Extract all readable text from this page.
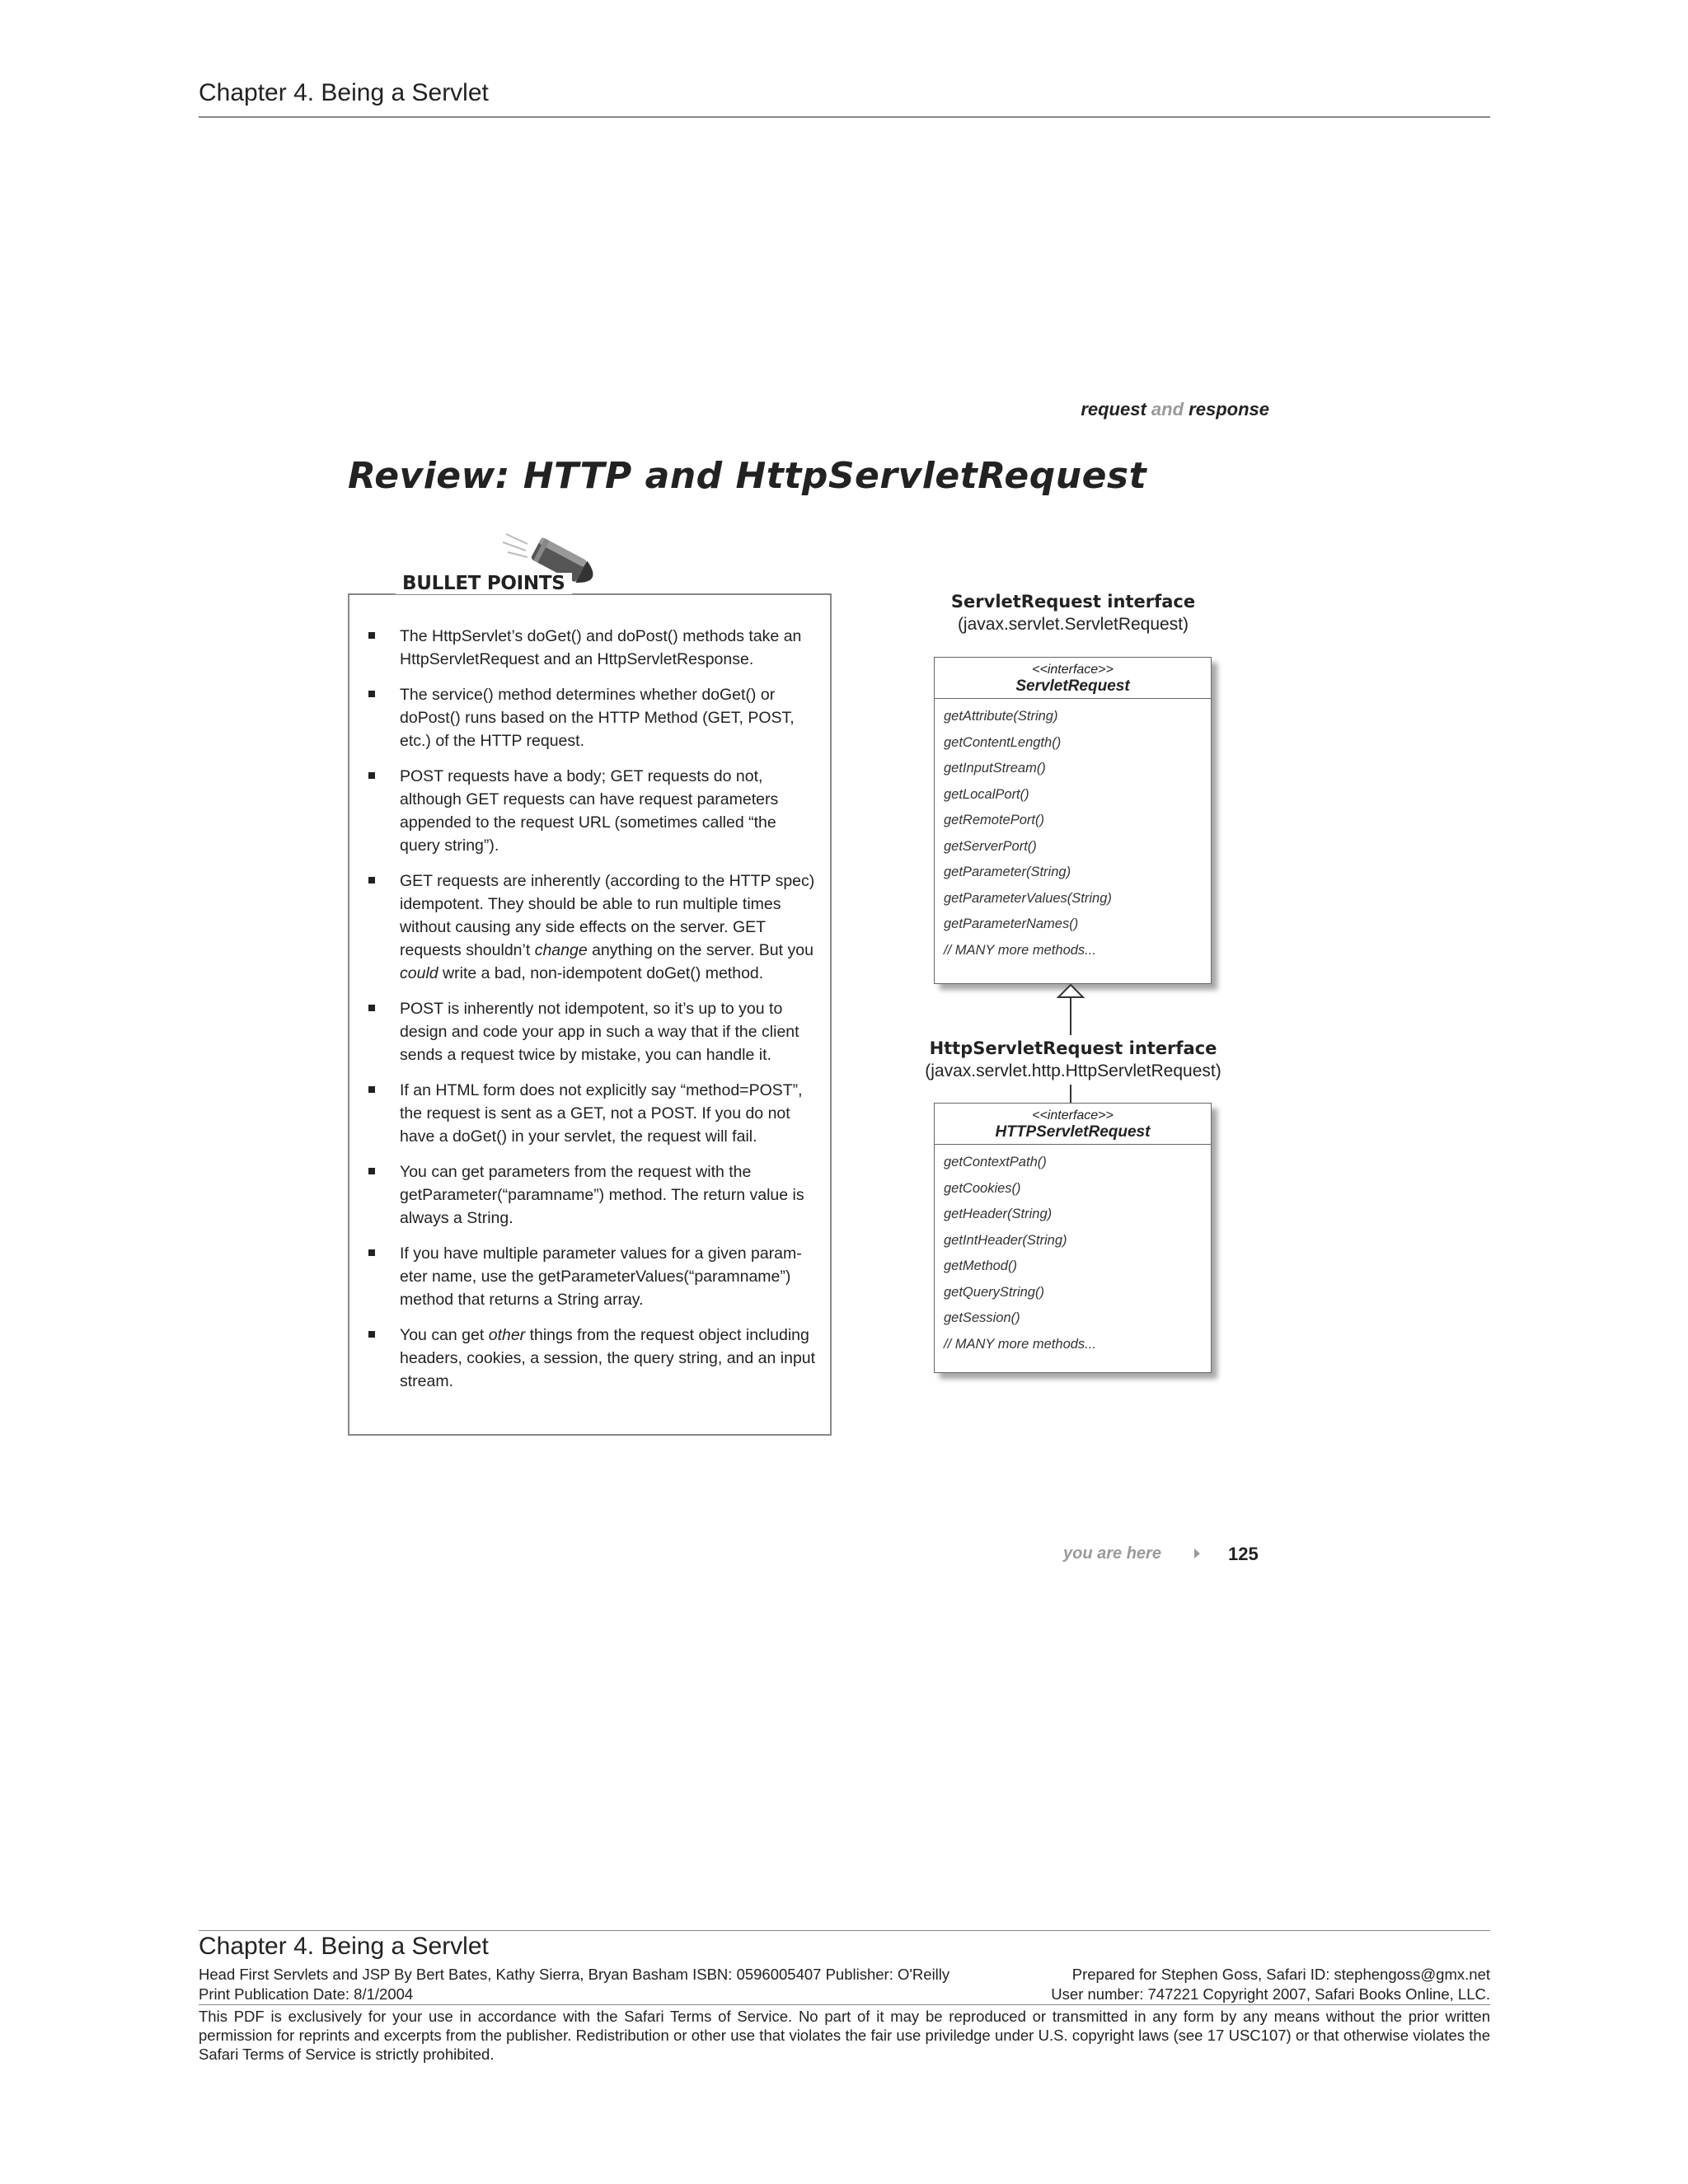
Chapter 4. Being a Servlet
request and response
Review: HTTP and HttpServletRequest
BULLET POINTS
The HttpServlet’s doGet() and doPost() methods take an HttpServletRequest and an HttpServletResponse.
The service() method determines whether doGet() or doPost() runs based on the HTTP Method (GET, POST, etc.) of the HTTP request.
POST requests have a body; GET requests do not, although GET requests can have request parameters appended to the request URL (sometimes called “the query string”).
GET requests are inherently (according to the HTTP spec) idempotent. They should be able to run multiple times without causing any side effects on the server. GET requests shouldn’t change anything on the server. But you could write a bad, non-idempotent doGet() method.
POST is inherently not idempotent, so it’s up to you to design and code your app in such a way that if the client sends a request twice by mistake, you can handle it.
If an HTML form does not explicitly say “method=POST”, the request is sent as a GET, not a POST. If you do not have a doGet() in your servlet, the request will fail.
You can get parameters from the request with the getParameter(“paramname”) method. The return value is always a String.
If you have multiple parameter values for a given param-eter name, use the getParameterValues(“paramname”) method that returns a String array.
You can get other things from the request object including headers, cookies, a session, the query string, and an input stream.
ServletRequest interface
(javax.servlet.ServletRequest)
<<interface>>
ServletRequest
getAttribute(String)
getContentLength()
getInputStream()
getLocalPort()
getRemotePort()
getServerPort()
getParameter(String)
getParameterValues(String)
getParameterNames()
// MANY more methods...
HttpServletRequest interface
(javax.servlet.http.HttpServletRequest)
<<interface>>
HTTPServletRequest
getContextPath()
getCookies()
getHeader(String)
getIntHeader(String)
getMethod()
getQueryString()
getSession()
// MANY more methods...
you are here	125
Chapter 4. Being a Servlet
Head First Servlets and JSP By Bert Bates, Kathy Sierra, Bryan Basham ISBN: 0596005407 Publisher: O'Reilly	Prepared for Stephen Goss, Safari ID: stephengoss@gmx.net
Print Publication Date: 8/1/2004	User number: 747221 Copyright 2007, Safari Books Online, LLC.
This PDF is exclusively for your use in accordance with the Safari Terms of Service. No part of it may be reproduced or transmitted in any form by any means without the prior written permission for reprints and excerpts from the publisher. Redistribution or other use that violates the fair use priviledge under U.S. copyright laws (see 17 USC107) or that otherwise violates the Safari Terms of Service is strictly prohibited.
